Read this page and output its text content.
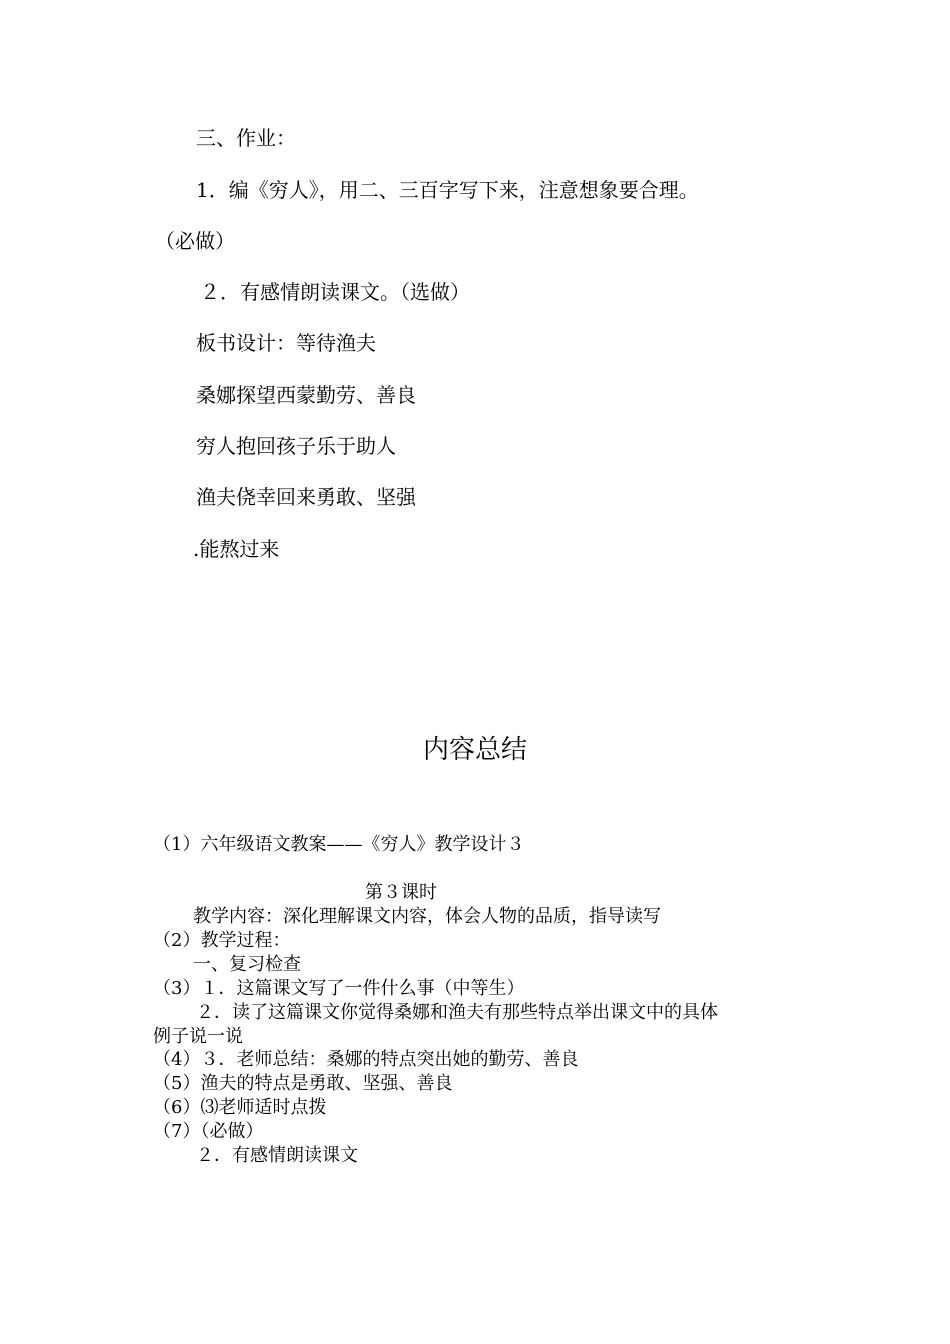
三、作业：
1．编《穷人》，用二、三百字写下来，注意想象要合理。
（必做）
２．有感情朗读课文。（选做）
板书设计：等待渔夫
桑娜探望西蒙勤劳、善良
穷人抱回孩子乐于助人
渔夫侥幸回来勇敢、坚强
.能熬过来
内容总结
（1）六年级语文教案——《穷人》教学设计３
第３课时
教学内容：深化理解课文内容，体会人物的品质，指导读写
（2）教学过程：
一、复习检查
（3）１．这篇课文写了一件什么事（中等生）
２．读了这篇课文你觉得桑娜和渔夫有那些特点举出课文中的具体
例子说一说
（4）３．老师总结：桑娜的特点突出她的勤劳、善良
（5）渔夫的特点是勇敢、坚强、善良
（6）⑶老师适时点拨
（7）（必做）
２．有感情朗读课文
